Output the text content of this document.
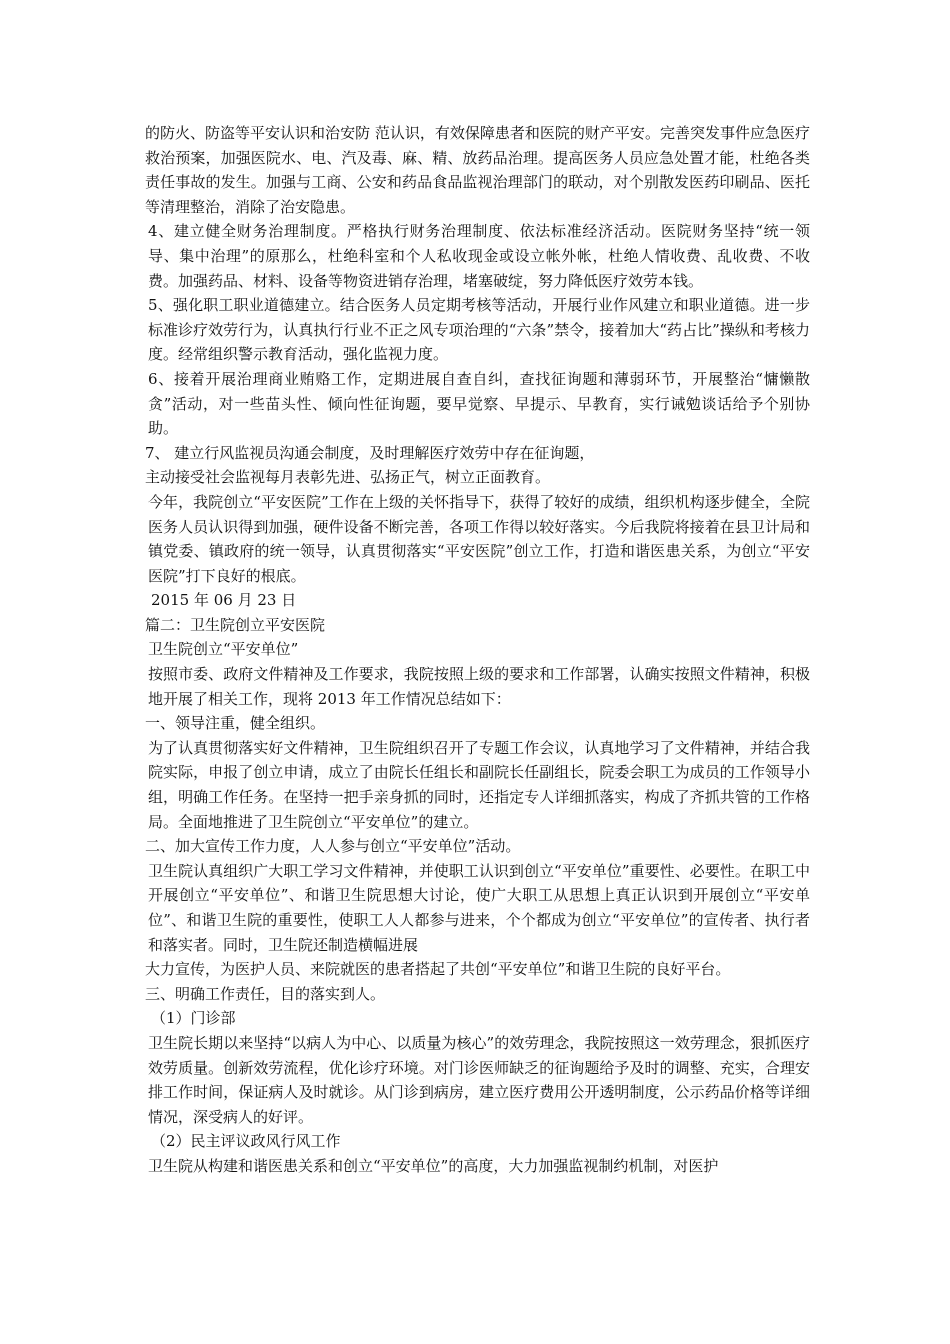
的防火、防盗等平安认识和治安防 范认识，有效保障患者和医院的财产平安。完善突发事件应急医疗救治预案，加强医院水、电、汽及毒、麻、精、放药品治理。提高医务人员应急处置才能，杜绝各类责任事故的发生。加强与工商、公安和药品食品监视治理部门的联动，对个别散发医药印刷品、医托等清理整治，消除了治安隐患。

4、建立健全财务治理制度。严格执行财务治理制度、依法标准经济活动。医院财务坚持“统一领导、集中治理”的原那么，杜绝科室和个人私收现金或设立帐外帐，杜绝人情收费、乱收费、不收费。加强药品、材料、设备等物资进销存治理，堵塞破绽，努力降低医疗效劳本钱。

5、强化职工职业道德建立。结合医务人员定期考核等活动，开展行业作风建立和职业道德。进一步标准诊疗效劳行为，认真执行行业不正之风专项治理的“六条”禁令，接着加大“药占比”操纵和考核力度。经常组织警示教育活动，强化监视力度。

6、接着开展治理商业贿赂工作，定期进展自查自纠，查找征询题和薄弱环节，开展整治“慵懒散贪”活动，对一些苗头性、倾向性征询题，要早觉察、早提示、早教育，实行诫勉谈话给予个别协助。

7、 建立行风监视员沟通会制度，及时理解医疗效劳中存在征询题，

主动接受社会监视每月表彰先进、弘扬正气，树立正面教育。

今年，我院创立“平安医院”工作在上级的关怀指导下，获得了较好的成绩，组织机构逐步健全，全院医务人员认识得到加强，硬件设备不断完善，各项工作得以较好落实。今后我院将接着在县卫计局和镇党委、镇政府的统一领导，认真贯彻落实“平安医院”创立工作，打造和谐医患关系，为创立“平安医院”打下良好的根底。

2015 年 06 月 23 日

篇二：卫生院创立平安医院

卫生院创立“平安单位”

按照市委、政府文件精神及工作要求，我院按照上级的要求和工作部署，认确实按照文件精神，积极地开展了相关工作，现将 2013 年工作情况总结如下：

一、领导注重，健全组织。

为了认真贯彻落实好文件精神，卫生院组织召开了专题工作会议，认真地学习了文件精神，并结合我院实际，申报了创立申请，成立了由院长任组长和副院长任副组长，院委会职工为成员的工作领导小组，明确工作任务。在坚持一把手亲身抓的同时，还指定专人详细抓落实，构成了齐抓共管的工作格局。全面地推进了卫生院创立“平安单位”的建立。

二、加大宣传工作力度，人人参与创立“平安单位”活动。

卫生院认真组织广大职工学习文件精神，并使职工认识到创立“平安单位”重要性、必要性。在职工中开展创立“平安单位”、和谐卫生院思想大讨论，使广大职工从思想上真正认识到开展创立“平安单位”、和谐卫生院的重要性，使职工人人都参与进来，个个都成为创立“平安单位”的宣传者、执行者和落实者。同时，卫生院还制造横幅进展

大力宣传，为医护人员、来院就医的患者搭起了共创“平安单位”和谐卫生院的良好平台。

三、明确工作责任，目的落实到人。

（1）门诊部

卫生院长期以来坚持“以病人为中心、以质量为核心”的效劳理念，我院按照这一效劳理念，狠抓医疗效劳质量。创新效劳流程，优化诊疗环境。对门诊医师缺乏的征询题给予及时的调整、充实，合理安排工作时间，保证病人及时就诊。从门诊到病房，建立医疗费用公开透明制度，公示药品价格等详细情况，深受病人的好评。

（2）民主评议政风行风工作

卫生院从构建和谐医患关系和创立“平安单位”的高度，大力加强监视制约机制，对医护
